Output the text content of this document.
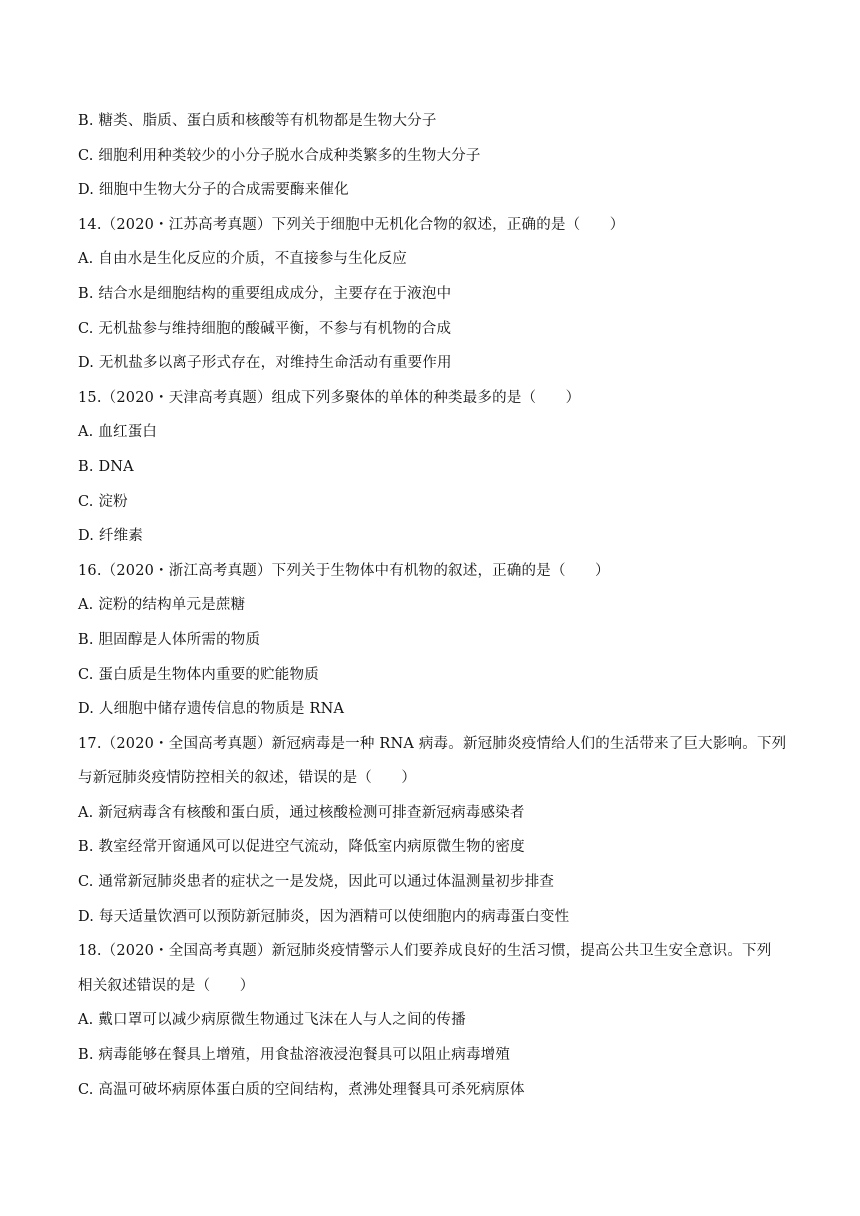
B. 糖类、脂质、蛋白质和核酸等有机物都是生物大分子
C. 细胞利用种类较少的小分子脱水合成种类繁多的生物大分子
D. 细胞中生物大分子的合成需要酶来催化
14.（2020・江苏高考真题）下列关于细胞中无机化合物的叙述，正确的是（　　）
A. 自由水是生化反应的介质，不直接参与生化反应
B. 结合水是细胞结构的重要组成成分，主要存在于液泡中
C. 无机盐参与维持细胞的酸碱平衡，不参与有机物的合成
D. 无机盐多以离子形式存在，对维持生命活动有重要作用
15.（2020・天津高考真题）组成下列多聚体的单体的种类最多的是（　　）
A. 血红蛋白
B. DNA
C. 淀粉
D. 纤维素
16.（2020・浙江高考真题）下列关于生物体中有机物的叙述，正确的是（　　）
A. 淀粉的结构单元是蔗糖
B. 胆固醇是人体所需的物质
C. 蛋白质是生物体内重要的贮能物质
D. 人细胞中储存遗传信息的物质是 RNA
17.（2020・全国高考真题）新冠病毒是一种 RNA 病毒。新冠肺炎疫情给人们的生活带来了巨大影响。下列
与新冠肺炎疫情防控相关的叙述，错误的是（　　）
A. 新冠病毒含有核酸和蛋白质，通过核酸检测可排查新冠病毒感染者
B. 教室经常开窗通风可以促进空气流动，降低室内病原微生物的密度
C. 通常新冠肺炎患者的症状之一是发烧，因此可以通过体温测量初步排查
D. 每天适量饮酒可以预防新冠肺炎，因为酒精可以使细胞内的病毒蛋白变性
18.（2020・全国高考真题）新冠肺炎疫情警示人们要养成良好的生活习惯，提高公共卫生安全意识。下列
相关叙述错误的是（　　）
A. 戴口罩可以减少病原微生物通过飞沫在人与人之间的传播
B. 病毒能够在餐具上增殖，用食盐溶液浸泡餐具可以阻止病毒增殖
C. 高温可破坏病原体蛋白质的空间结构，煮沸处理餐具可杀死病原体
